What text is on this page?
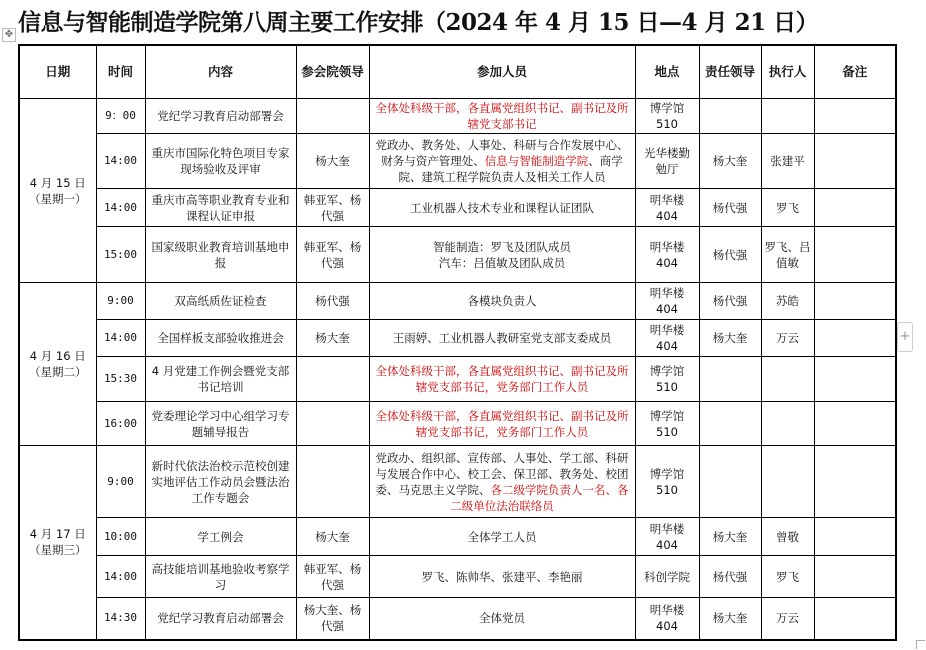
信息与智能制造学院第八周主要工作安排（2024 年 4 月 15 日—4 月 21 日）
✥
+
日期	时间	内容	参会院领导	参加人员	地点	责任领导	执行人	备注

4 月 15 日
（星期一）	9：00	党纪学习教育启动部署会		全体处科级干部，各直属党组织书记、副书记及所辖党支部书记	博学馆 510			
	14:00	重庆市国际化特色项目专家现场验收及评审	杨大奎	党政办、教务处、人事处、科研与合作发展中心、财务与资产管理处、信息与智能制造学院、商学院、建筑工程学院负责人及相关工作人员	光华楼勤勉厅	杨大奎	张建平	
	14:00	重庆市高等职业教育专业和课程认证申报	韩亚军、杨代强	工业机器人技术专业和课程认证团队	明华楼 404	杨代强	罗飞	
	15:00	国家级职业教育培训基地申报	韩亚军、杨代强	智能制造：罗飞及团队成员
汽车：吕值敏及团队成员	明华楼 404	杨代强	罗飞、吕值敏	

4 月 16 日
（星期二）	9:00	双高纸质佐证检查	杨代强	各模块负责人	明华楼 404	杨代强	苏皓	
	14:00	全国样板支部验收推进会	杨大奎	王雨婷、工业机器人教研室党支部支委成员	明华楼 404	杨大奎	万云	
	15:30	4 月党建工作例会暨党支部书记培训		全体处科级干部，各直属党组织书记、副书记及所辖党支部书记，党务部门工作人员	博学馆 510			
	16:00	党委理论学习中心组学习专题辅导报告		全体处科级干部，各直属党组织书记、副书记及所辖党支部书记，党务部门工作人员	博学馆 510			

4 月 17 日
（星期三）	9:00	新时代依法治校示范校创建实地评估工作动员会暨法治工作专题会		党政办、组织部、宣传部、人事处、学工部、科研与发展合作中心、校工会、保卫部、教务处、校团委、马克思主义学院、各二级学院负责人一名、各二级单位法治联络员	博学馆 510			
	10:00	学工例会	杨大奎	全体学工人员	明华楼 404	杨大奎	曾敬	
	14:00	高技能培训基地验收考察学习	韩亚军、杨代强	罗飞、陈帅华、张建平、李艳丽	科创学院	杨代强	罗飞	
	14:30	党纪学习教育启动部署会	杨大奎、杨代强	全体党员	明华楼 404	杨大奎	万云	
